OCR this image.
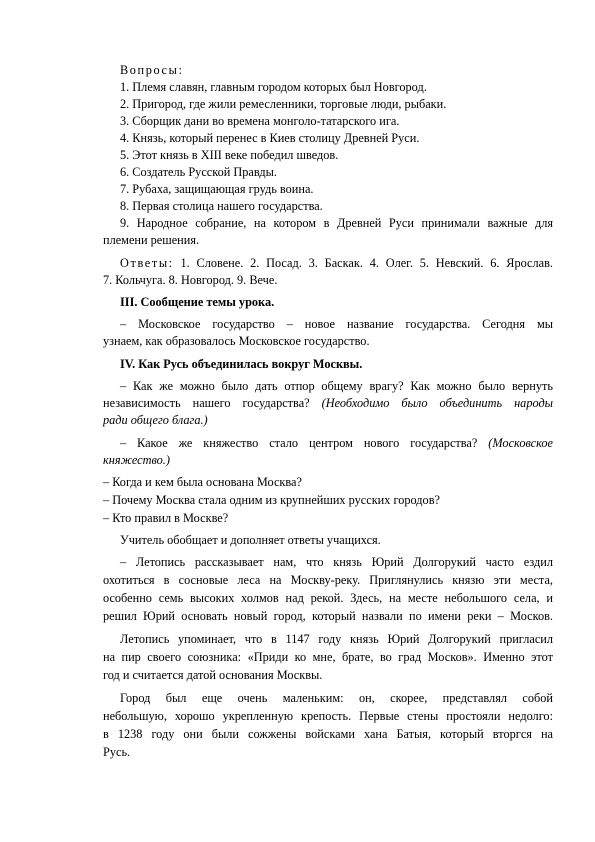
Вопросы:
1. Племя славян, главным городом которых был Новгород.
2. Пригород, где жили ремесленники, торговые люди, рыбаки.
3. Сборщик дани во времена монголо-татарского ига.
4. Князь, который перенес в Киев столицу Древней Руси.
5. Этот князь в XIII веке победил шведов.
6. Создатель Русской Правды.
7. Рубаха, защищающая грудь воина.
8. Первая столица нашего государства.
9. Народное собрание, на котором в Древней Руси принимали важные для
племени решения.
Ответы: 1. Словене. 2. Посад. 3. Баскак. 4. Олег. 5. Невский. 6. Ярослав.
7. Кольчуга. 8. Новгород. 9. Вече.
III. Сообщение темы урока.
– Московское государство – новое название государства. Сегодня мы
узнаем, как образовалось Московское государство.
IV. Как Русь объединилась вокруг Москвы.
– Как же можно было дать отпор общему врагу? Как можно было вернуть
независимость нашего государства? (Необходимо было объединить народы
ради общего блага.)
– Какое же княжество стало центром нового государства? (Московское
княжество.)
– Когда и кем была основана Москва?
– Почему Москва стала одним из крупнейших русских городов?
– Кто правил в Москве?
Учитель обобщает и дополняет ответы учащихся.
– Летопись рассказывает нам, что князь Юрий Долгорукий часто ездил
охотиться в сосновые леса на Москву-реку. Приглянулись князю эти места,
особенно семь высоких холмов над рекой. Здесь, на месте небольшого села, и
решил Юрий основать новый город, который назвали по имени реки – Москов.
Летопись упоминает, что в 1147 году князь Юрий Долгорукий пригласил
на пир своего союзника: «Приди ко мне, брате, во град Москов». Именно этот
год и считается датой основания Москвы.
Город был еще очень маленьким: он, скорее, представлял собой
небольшую, хорошо укрепленную крепость. Первые стены простояли недолго:
в 1238 году они были сожжены войсками хана Батыя, который вторгся на
Русь.
